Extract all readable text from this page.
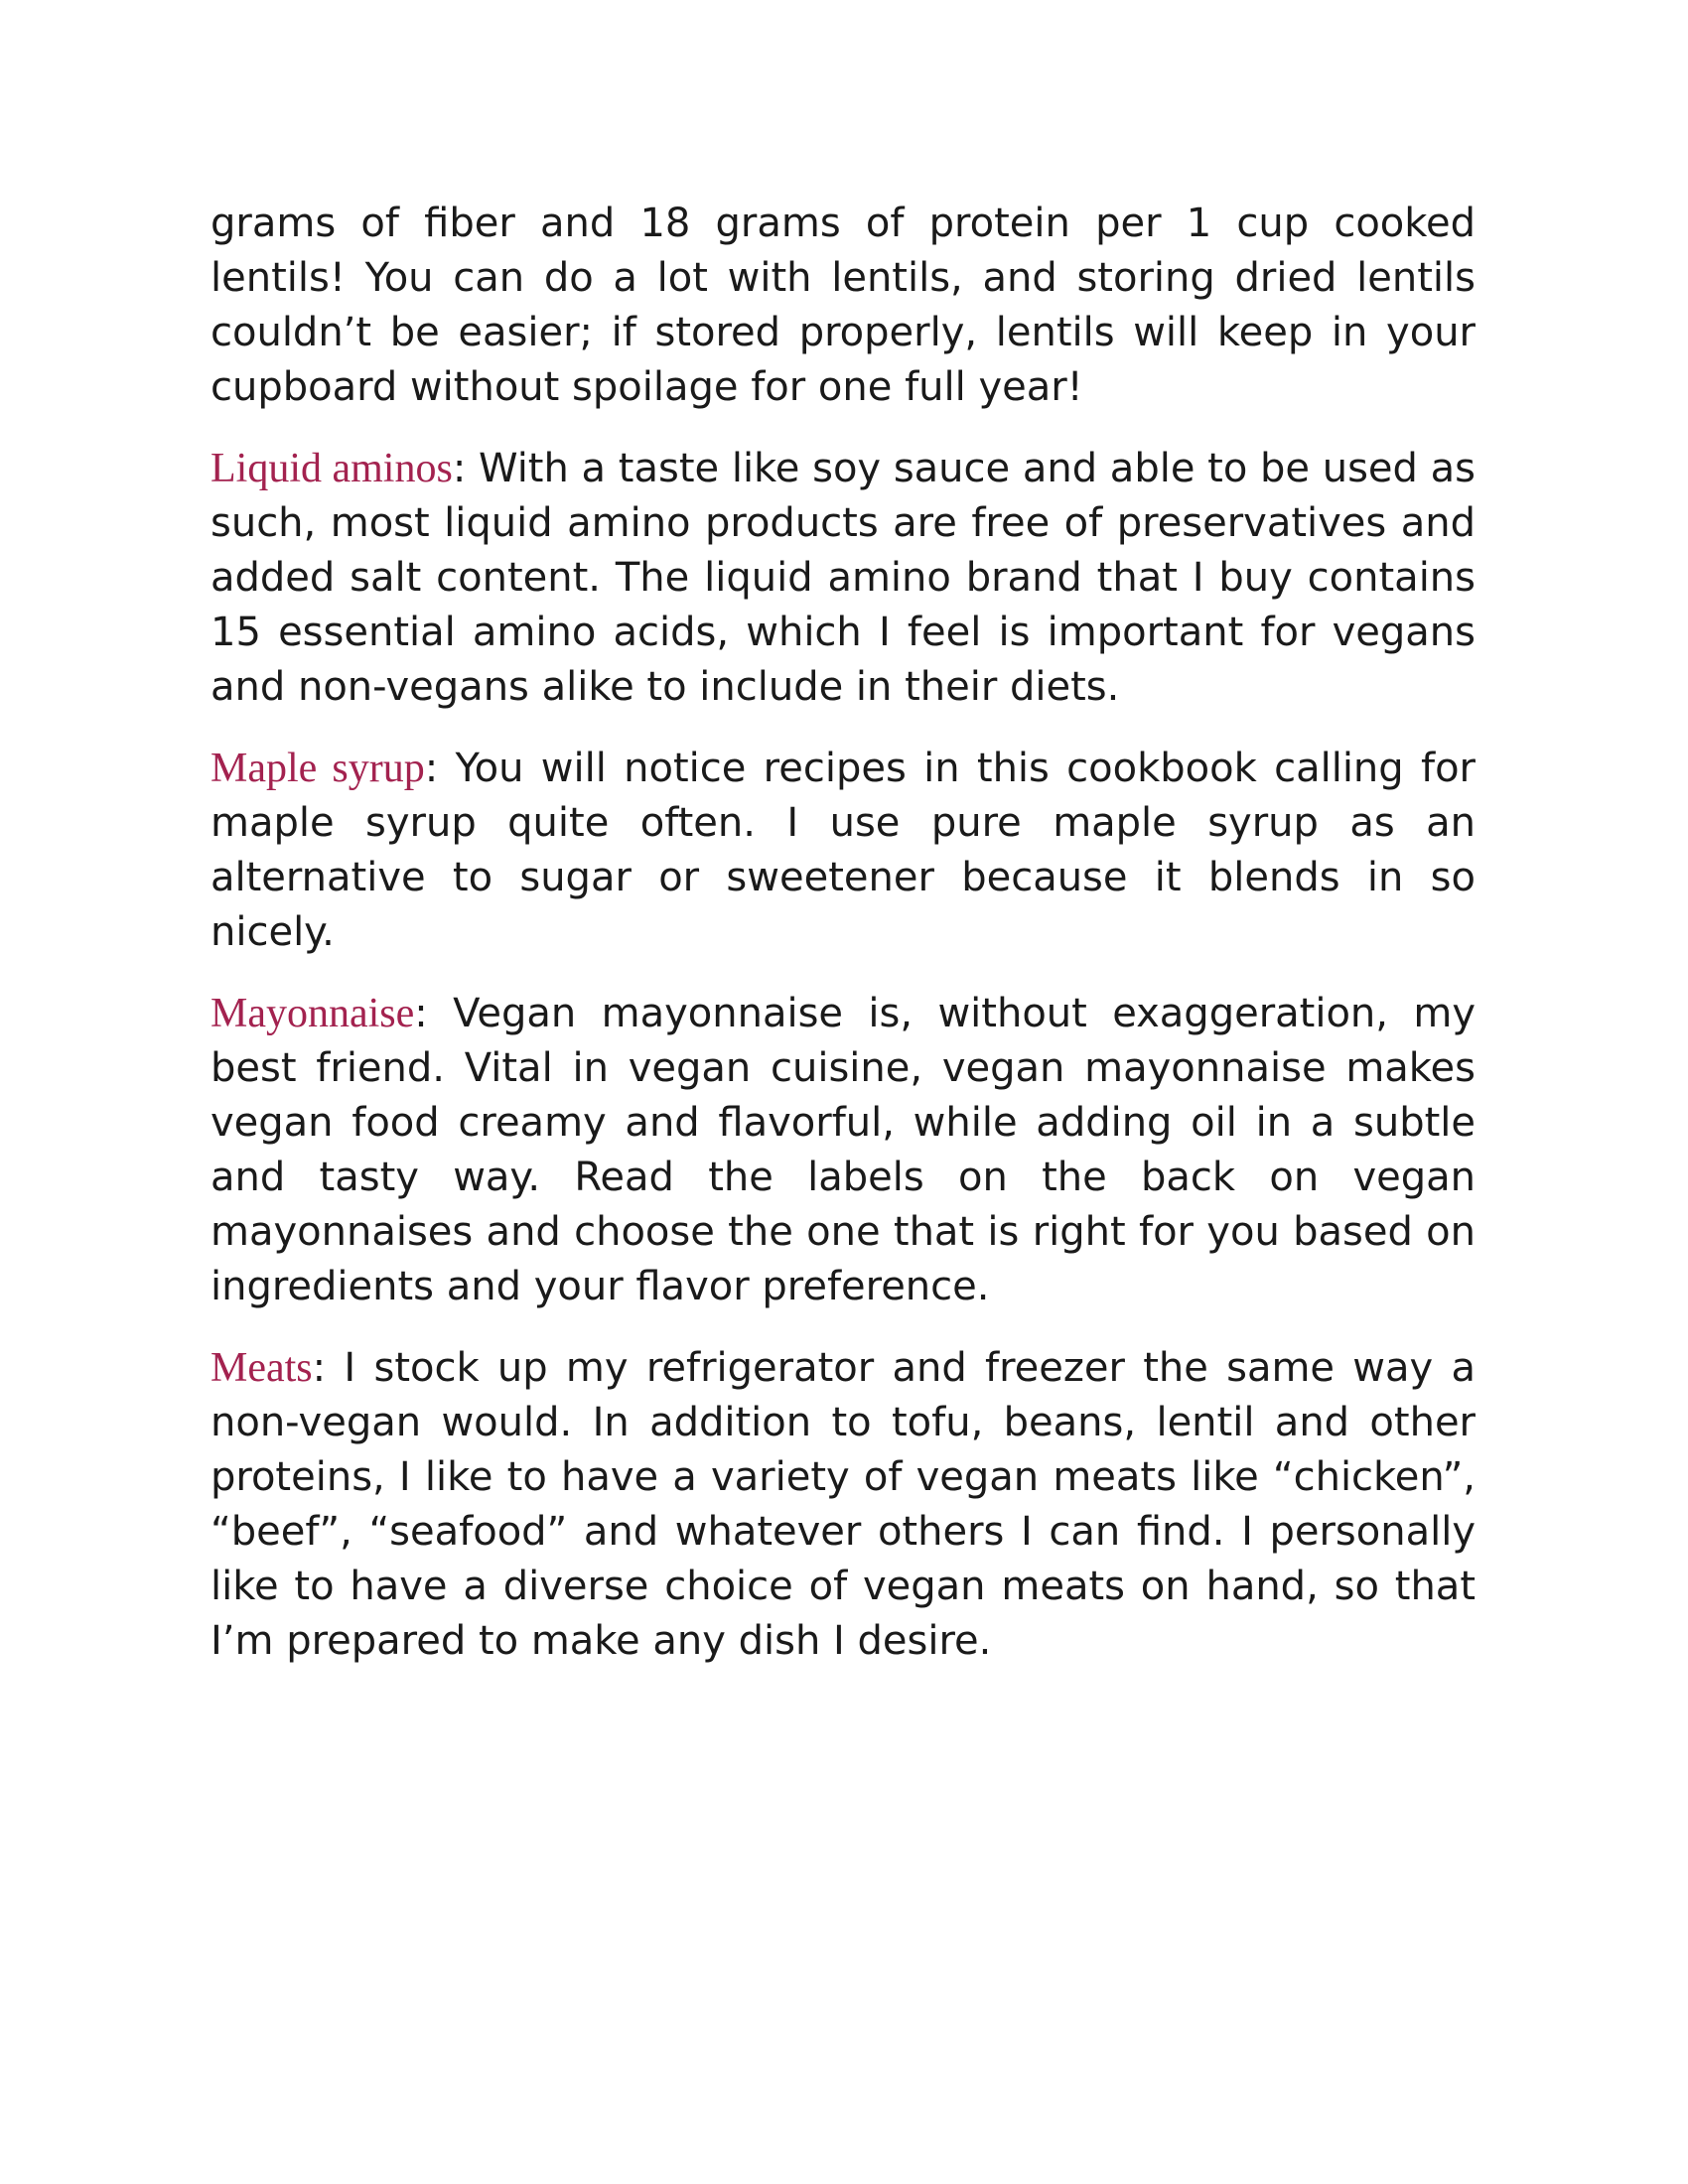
grams of fiber and 18 grams of protein per 1 cup cooked lentils! You can do a lot with lentils, and storing dried lentils couldn’t be easier; if stored properly, lentils will keep in your cupboard without spoilage for one full year!

Liquid aminos: With a taste like soy sauce and able to be used as such, most liquid amino products are free of preservatives and added salt content. The liquid amino brand that I buy contains 15 essential amino acids, which I feel is important for vegans and non-vegans alike to include in their diets.

Maple syrup: You will notice recipes in this cookbook calling for maple syrup quite often. I use pure maple syrup as an alternative to sugar or sweetener because it blends in so nicely.

Mayonnaise: Vegan mayonnaise is, without exaggeration, my best friend. Vital in vegan cuisine, vegan mayonnaise makes vegan food creamy and flavorful, while adding oil in a subtle and tasty way. Read the labels on the back on vegan mayonnaises and choose the one that is right for you based on ingredients and your flavor preference.

Meats: I stock up my refrigerator and freezer the same way a non-vegan would. In addition to tofu, beans, lentil and other proteins, I like to have a variety of vegan meats like “chicken”, “beef”, “seafood” and whatever others I can find. I personally like to have a diverse choice of vegan meats on hand, so that I’m prepared to make any dish I desire.
